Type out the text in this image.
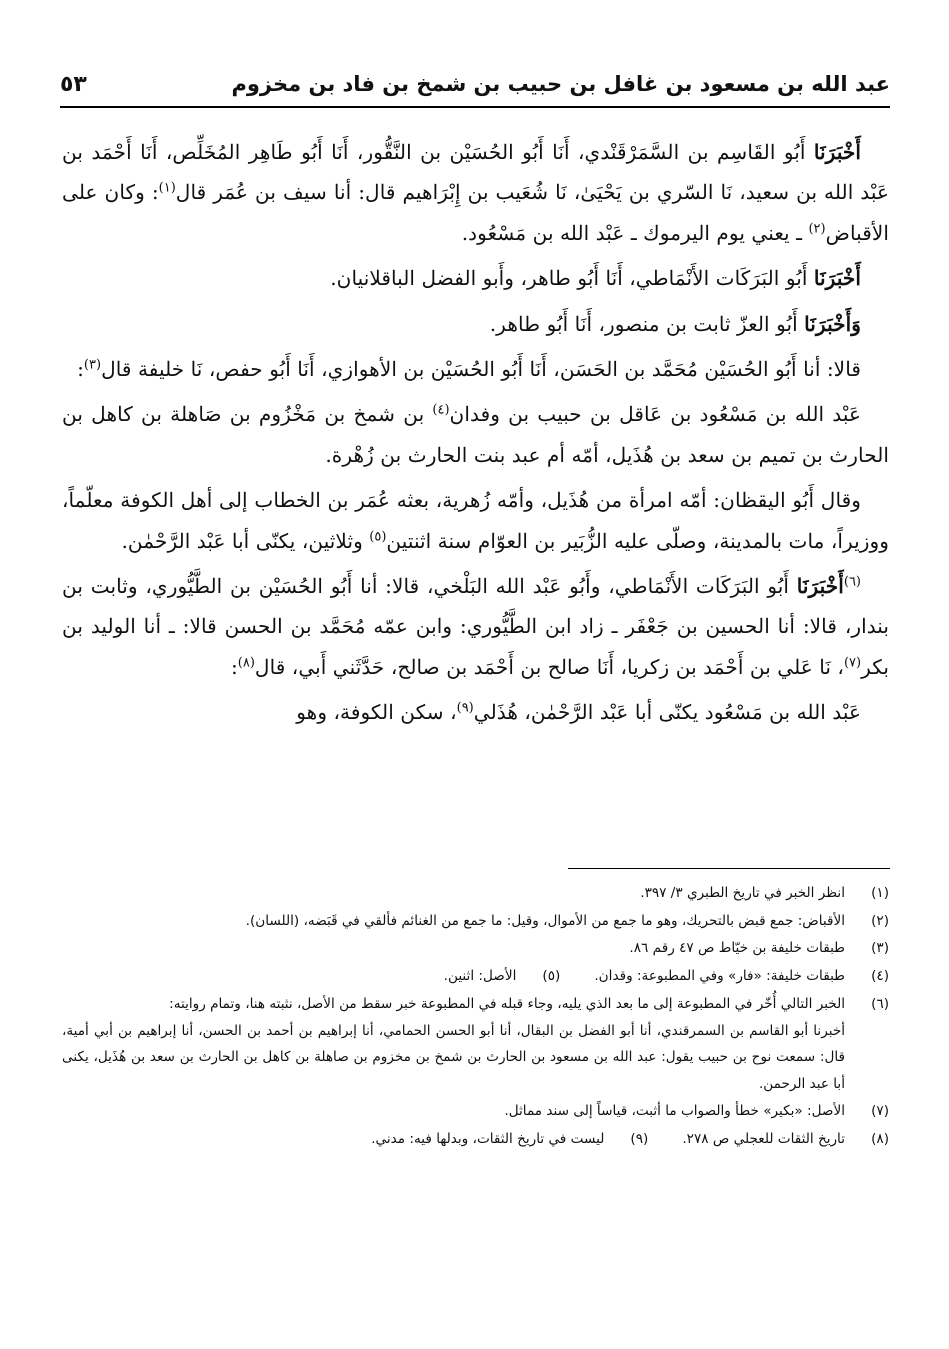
عبد الله بن مسعود بن غافل بن حبيب بن شمخ بن فاد بن مخزوم
٥٣

أَخْبَرَنَا أَبُو القَاسِم بن السَّمَرْقَنْدي، أَنَا أَبُو الحُسَيْن بن النَّقُّور، أَنَا أَبُو طَاهِر المُخَلِّص، أَنَا أَحْمَد بن عَبْد الله بن سعيد، نَا السّري بن يَحْيَىٰ، نَا شُعَيب بن إِبْرَاهيم قال: أنا سيف بن عُمَر قال$^{(١)}$: وكان على الأقباض$^{(٢)}$ ـ يعني يوم اليرموك ـ عَبْد الله بن مَسْعُود.

أَخْبَرَنَا أَبُو البَرَكَات الأَنْمَاطي، أَنَا أَبُو طاهر، وأَبو الفضل الباقلانيان.

وَأَخْبَرَنَا أَبُو العزّ ثابت بن منصور، أَنَا أَبُو طاهر.

قالا: أنا أَبُو الحُسَيْن مُحَمَّد بن الحَسَن، أَنَا أَبُو الحُسَيْن بن الأهوازي، أَنَا أَبُو حفص، نَا خليفة قال$^{(٣)}$:

عَبْد الله بن مَسْعُود بن عَاقل بن حبيب بن وفدان$^{(٤)}$ بن شمخ بن مَخْزُوم بن صَاهلة بن كاهل بن الحارث بن تميم بن سعد بن هُذَيل، أمّه أم عبد بنت الحارث بن زُهْرة.

وقال أَبُو اليقظان: أمّه امرأة من هُذَيل، وأمّه زُهرية، بعثه عُمَر بن الخطاب إلى أهل الكوفة معلّماً، ووزيراً، مات بالمدينة، وصلّى عليه الزُّبَير بن العوّام سنة اثنتين$^{(٥)}$ وثلاثين، يكنّى أبا عَبْد الرَّحْمٰن.

$^{(٦)}$أَخْبَرَنَا أَبُو البَرَكَات الأَنْمَاطي، وأَبُو عَبْد الله البَلْخي، قالا: أنا أَبُو الحُسَيْن بن الطَّيُّوري، وثابت بن بندار، قالا: أنا الحسين بن جَعْفَر ـ زاد ابن الطَّيُّوري: وابن عمّه مُحَمَّد بن الحسن قالا: ـ أنا الوليد بن بكر$^{(٧)}$، نَا عَلي بن أَحْمَد بن زكريا، أَنَا صالح بن أَحْمَد بن صالح، حَدَّثَني أَبي، قال$^{(٨)}$:

عَبْد الله بن مَسْعُود يكنّى أبا عَبْد الرَّحْمٰن، هُذَلي$^{(٩)}$، سكن الكوفة، وهو

(١)
انظر الخبر في تاريخ الطبري ٣/ ٣٩٧.
(٢)
الأقباض: جمع قبض بالتحريك، وهو ما جمع من الأموال، وقيل: ما جمع من الغنائم فألقي في قَبَضه، (اللسان).
(٣)
طبقات خليفة بن خيّاط ص ٤٧ رقم ٨٦.
(٤)
طبقات خليفة: «فار» وفي المطبوعة: وقدان.
(٥)
الأصل: اثنين.
(٦)
الخبر التالي أُخّر في المطبوعة إلى ما بعد الذي يليه، وجاء قبله في المطبوعة خبر سقط من الأصل، نثبته هنا، وتمام روايته:
أخبرنا أبو القاسم بن السمرقندي، أنا أبو الفضل بن البقال، أنا أبو الحسن الحمامي، أنا إبراهيم بن أحمد بن الحسن، أنا إبراهيم بن أبي أمية، قال: سمعت نوح بن حبيب يقول: عبد الله بن مسعود بن الحارث بن شمخ بن مخزوم بن صاهلة بن كاهل بن الحارث بن سعد بن هُذَيل، يكنى أبا عبد الرحمن.
(٧)
الأصل: «بكير» خطأ والصواب ما أثبت، قياساً إلى سند مماثل.
(٨)
تاريخ الثقات للعجلي ص ٢٧٨.
(٩)
ليست في تاريخ الثقات، وبدلها فيه: مدني.
